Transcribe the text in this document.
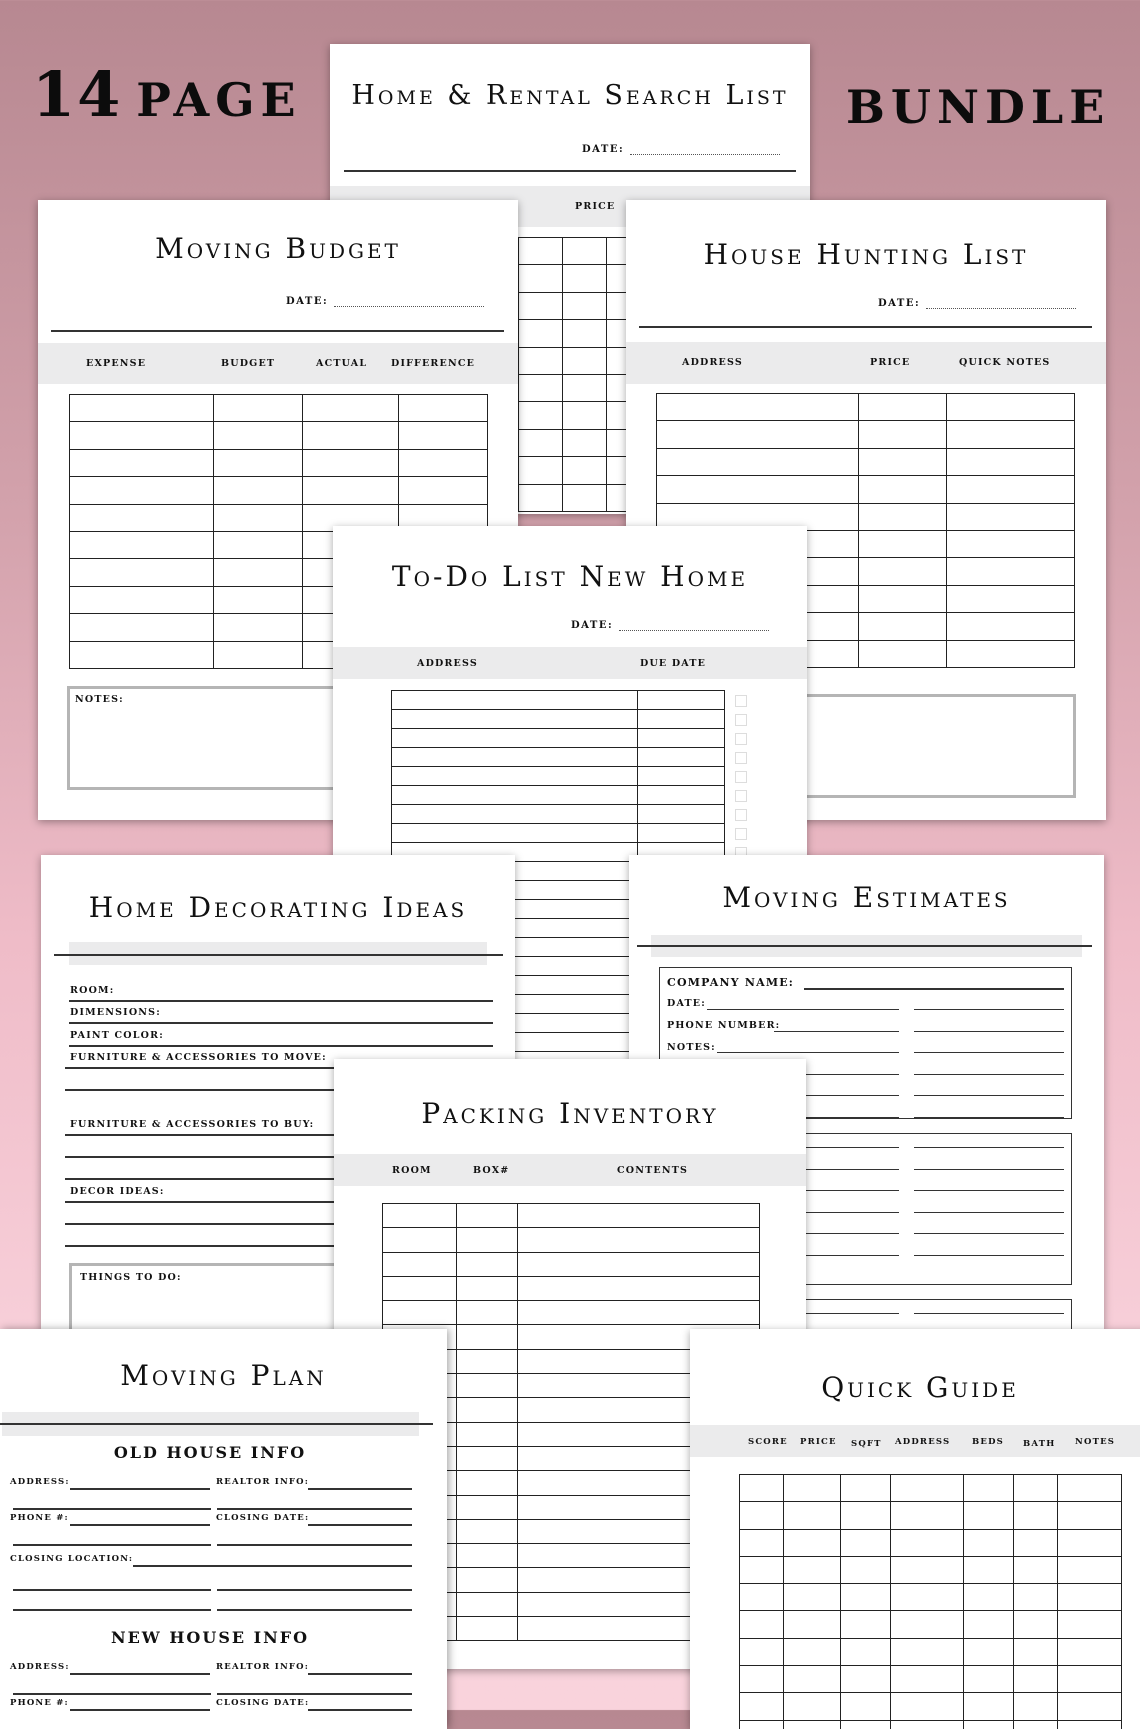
14 PAGE	BUNDLE
Home & Rental Search List
DATE:
PRICE

Moving Budget
DATE:
EXPENSE	BUDGET	ACTUAL	DIFFERENCE

NOTES:
House Hunting List
DATE:
ADDRESS	PRICE	QUICK NOTES

To-Do List New Home
DATE:
ADDRESS	DUE DATE

Home Decorating Ideas
ROOM:
DIMENSIONS:
PAINT COLOR:
FURNITURE & ACCESSORIES TO MOVE:
FURNITURE & ACCESSORIES TO BUY:
DECOR IDEAS:
THINGS TO DO:
Moving Estimates
COMPANY NAME:
DATE:
PHONE NUMBER:
NOTES:
Packing Inventory
ROOM	BOX#	CONTENTS

Moving Plan
OLD HOUSE INFO
ADDRESS:	REALTOR INFO:
PHONE #:	CLOSING DATE:
CLOSING LOCATION:
NEW HOUSE INFO
ADDRESS:	REALTOR INFO:
PHONE #:	CLOSING DATE:
Quick Guide
SCORE PRICE SQFT ADDRESS	BEDS BATH NOTES
